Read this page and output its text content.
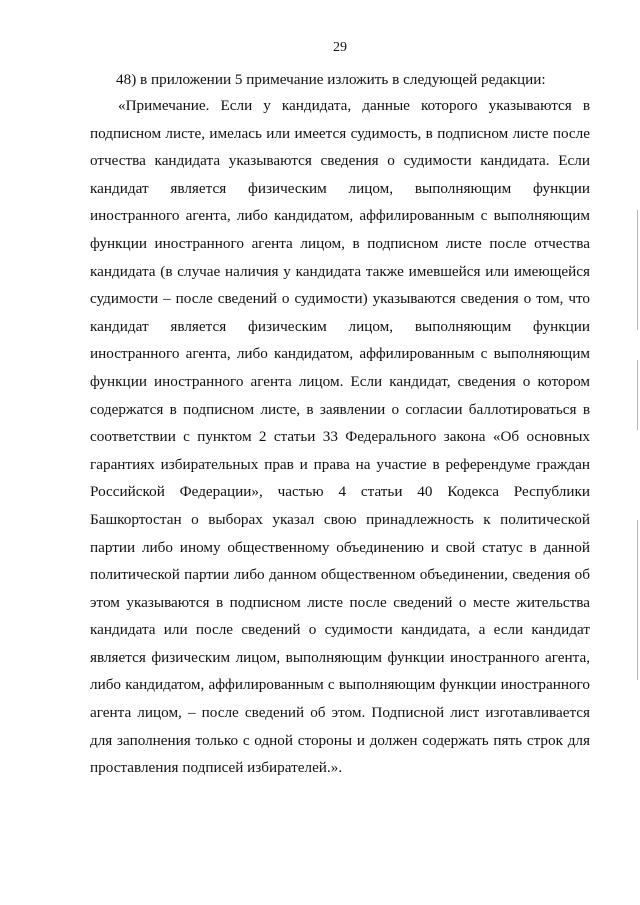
29
48) в приложении 5 примечание изложить в следующей редакции:
«Примечание. Если у кандидата, данные которого указываются в подписном листе, имелась или имеется судимость, в подписном листе после отчества кандидата указываются сведения о судимости кандидата. Если кандидат является физическим лицом, выполняющим функции иностранного агента, либо кандидатом, аффилированным с выполняющим функции иностранного агента лицом, в подписном листе после отчества кандидата (в случае наличия у кандидата также имевшейся или имеющейся судимости – после сведений о судимости) указываются сведения о том, что кандидат является физическим лицом, выполняющим функции иностранного агента, либо кандидатом, аффилированным с выполняющим функции иностранного агента лицом. Если кандидат, сведения о котором содержатся в подписном листе, в заявлении о согласии баллотироваться в соответствии с пунктом 2 статьи 33 Федерального закона «Об основных гарантиях избирательных прав и права на участие в референдуме граждан Российской Федерации», частью 4 статьи 40 Кодекса Республики Башкортостан о выборах указал свою принадлежность к политической партии либо иному общественному объединению и свой статус в данной политической партии либо данном общественном объединении, сведения об этом указываются в подписном листе после сведений о месте жительства кандидата или после сведений о судимости кандидата, а если кандидат является физическим лицом, выполняющим функции иностранного агента, либо кандидатом, аффилированным с выполняющим функции иностранного агента лицом, – после сведений об этом. Подписной лист изготавливается для заполнения только с одной стороны и должен содержать пять строк для проставления подписей избирателей.».
